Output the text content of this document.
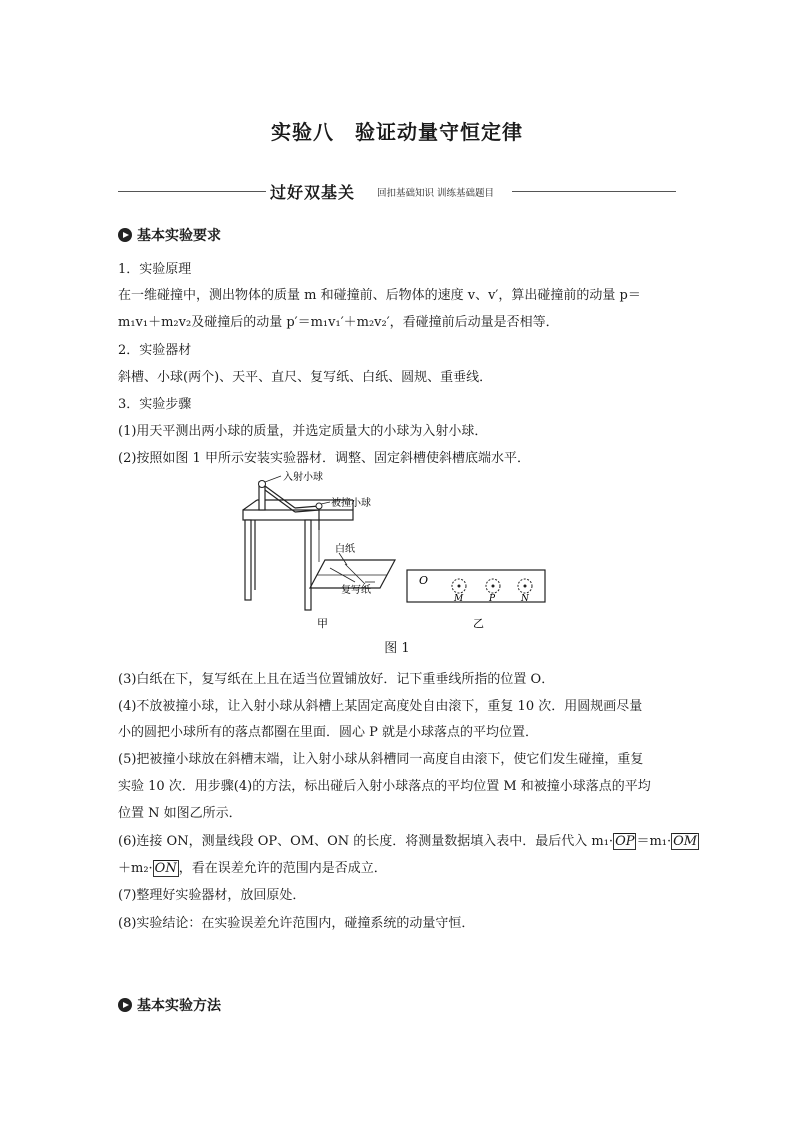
实验八　验证动量守恒定律
过好双基关 回扣基础知识 训练基础题目
基本实验要求
1．实验原理
在一维碰撞中，测出物体的质量 m 和碰撞前、后物体的速度 v、v′，算出碰撞前的动量 p＝
m₁v₁＋m₂v₂及碰撞后的动量 p′＝m₁v₁′＋m₂v₂′，看碰撞前后动量是否相等．
2．实验器材
斜槽、小球(两个)、天平、直尺、复写纸、白纸、圆规、重垂线．
3．实验步骤
(1)用天平测出两小球的质量，并选定质量大的小球为入射小球．
(2)按照如图 1 甲所示安装实验器材．调整、固定斜槽使斜槽底端水平．
入射小球
被撞小球
白纸
复写纸
甲
O
M	P	N
乙
图 1
(3)白纸在下，复写纸在上且在适当位置铺放好．记下重垂线所指的位置 O．
(4)不放被撞小球，让入射小球从斜槽上某固定高度处自由滚下，重复 10 次．用圆规画尽量
小的圆把小球所有的落点都圈在里面．圆心 P 就是小球落点的平均位置．
(5)把被撞小球放在斜槽末端，让入射小球从斜槽同一高度自由滚下，使它们发生碰撞，重复
实验 10 次．用步骤(4)的方法，标出碰后入射小球落点的平均位置 M 和被撞小球落点的平均
位置 N 如图乙所示．
(6)连接 ON，测量线段 OP、OM、ON 的长度．将测量数据填入表中．最后代入 $m_1\cdot \overline{OP} =m_1\cdot \overline{OM}$
$+m_2\cdot \overline{ON}$ ，看在误差允许的范围内是否成立．
(7)整理好实验器材，放回原处．
(8)实验结论：在实验误差允许范围内，碰撞系统的动量守恒．
基本实验方法
